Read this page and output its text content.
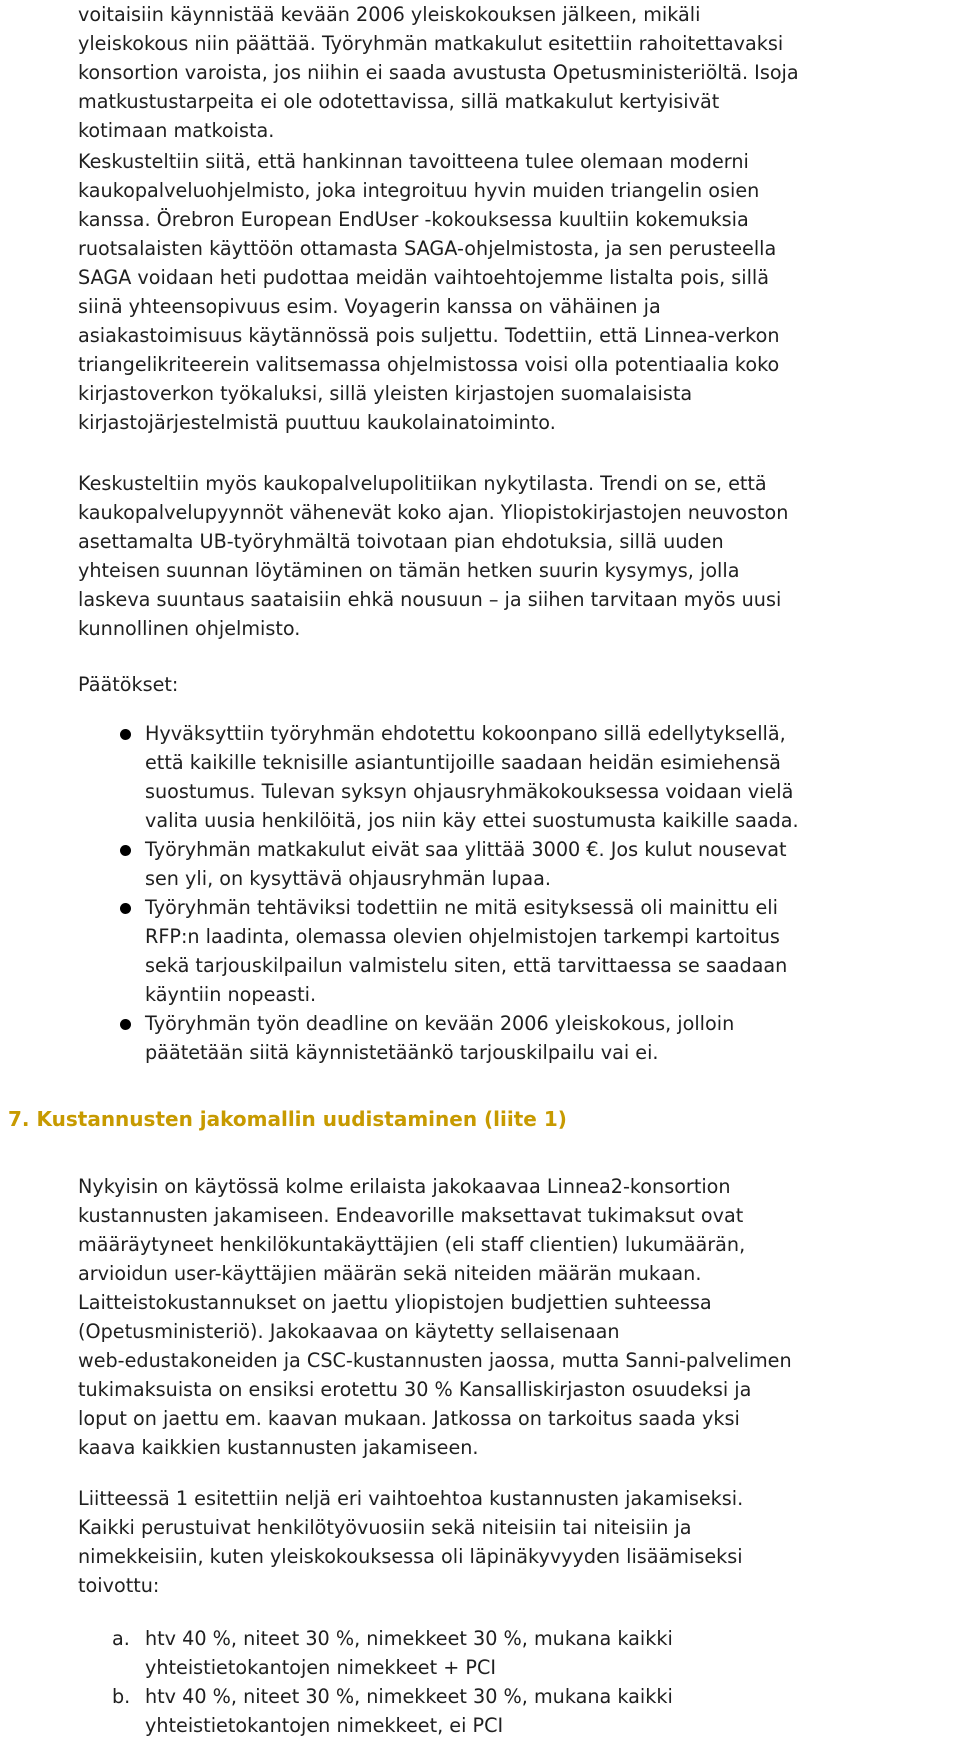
voitaisiin käynnistää kevään 2006 yleiskokouksen jälkeen, mikäli
yleiskokous niin päättää. Työryhmän matkakulut esitettiin rahoitettavaksi
konsortion varoista, jos niihin ei saada avustusta Opetusministeriöltä. Isoja
matkustustarpeita ei ole odotettavissa, sillä matkakulut kertyisivät
kotimaan matkoista.

Keskusteltiin siitä, että hankinnan tavoitteena tulee olemaan moderni
kaukopalveluohjelmisto, joka integroituu hyvin muiden triangelin osien
kanssa. Örebron European EndUser -kokouksessa kuultiin kokemuksia
ruotsalaisten käyttöön ottamasta SAGA-ohjelmistosta, ja sen perusteella
SAGA voidaan heti pudottaa meidän vaihtoehtojemme listalta pois, sillä
siinä yhteensopivuus esim. Voyagerin kanssa on vähäinen ja
asiakastoimisuus käytännössä pois suljettu. Todettiin, että Linnea-verkon
triangelikriteerein valitsemassa ohjelmistossa voisi olla potentiaalia koko
kirjastoverkon työkaluksi, sillä yleisten kirjastojen suomalaisista
kirjastojärjestelmistä puuttuu kaukolainatoiminto.

Keskusteltiin myös kaukopalvelupolitiikan nykytilasta. Trendi on se, että
kaukopalvelupyynnöt vähenevät koko ajan. Yliopistokirjastojen neuvoston
asettamalta UB-työryhmältä toivotaan pian ehdotuksia, sillä uuden
yhteisen suunnan löytäminen on tämän hetken suurin kysymys, jolla
laskeva suuntaus saataisiin ehkä nousuun – ja siihen tarvitaan myös uusi
kunnollinen ohjelmisto.

Päätökset:

Hyväksyttiin työryhmän ehdotettu kokoonpano sillä edellytyksellä,
että kaikille teknisille asiantuntijoille saadaan heidän esimiehensä
suostumus. Tulevan syksyn ohjausryhmäkokouksessa voidaan vielä
valita uusia henkilöitä, jos niin käy ettei suostumusta kaikille saada.

Työryhmän matkakulut eivät saa ylittää 3000 €. Jos kulut nousevat
sen yli, on kysyttävä ohjausryhmän lupaa.

Työryhmän tehtäviksi todettiin ne mitä esityksessä oli mainittu eli
RFP:n laadinta, olemassa olevien ohjelmistojen tarkempi kartoitus
sekä tarjouskilpailun valmistelu siten, että tarvittaessa se saadaan
käyntiin nopeasti.

Työryhmän työn deadline on kevään 2006 yleiskokous, jolloin
päätetään siitä käynnistetäänkö tarjouskilpailu vai ei.

7. Kustannusten jakomallin uudistaminen (liite 1)

Nykyisin on käytössä kolme erilaista jakokaavaa Linnea2-konsortion
kustannusten jakamiseen. Endeavorille maksettavat tukimaksut ovat
määräytyneet henkilökuntakäyttäjien (eli staff clientien) lukumäärän,
arvioidun user-käyttäjien määrän sekä niteiden määrän mukaan.
Laitteistokustannukset on jaettu yliopistojen budjettien suhteessa
(Opetusministeriö). Jakokaavaa on käytetty sellaisenaan
web-edustakoneiden ja CSC-kustannusten jaossa, mutta Sanni-palvelimen
tukimaksuista on ensiksi erotettu 30 % Kansalliskirjaston osuudeksi ja
loput on jaettu em. kaavan mukaan. Jatkossa on tarkoitus saada yksi
kaava kaikkien kustannusten jakamiseen.

Liitteessä 1 esitettiin neljä eri vaihtoehtoa kustannusten jakamiseksi.
Kaikki perustuivat henkilötyövuosiin sekä niteisiin tai niteisiin ja
nimekkeisiin, kuten yleiskokouksessa oli läpinäkyvyyden lisäämiseksi
toivottu:

a. htv 40 %, niteet 30 %, nimekkeet 30 %, mukana kaikki
yhteistietokantojen nimekkeet + PCI

b. htv 40 %, niteet 30 %, nimekkeet 30 %, mukana kaikki
yhteistietokantojen nimekkeet, ei PCI
